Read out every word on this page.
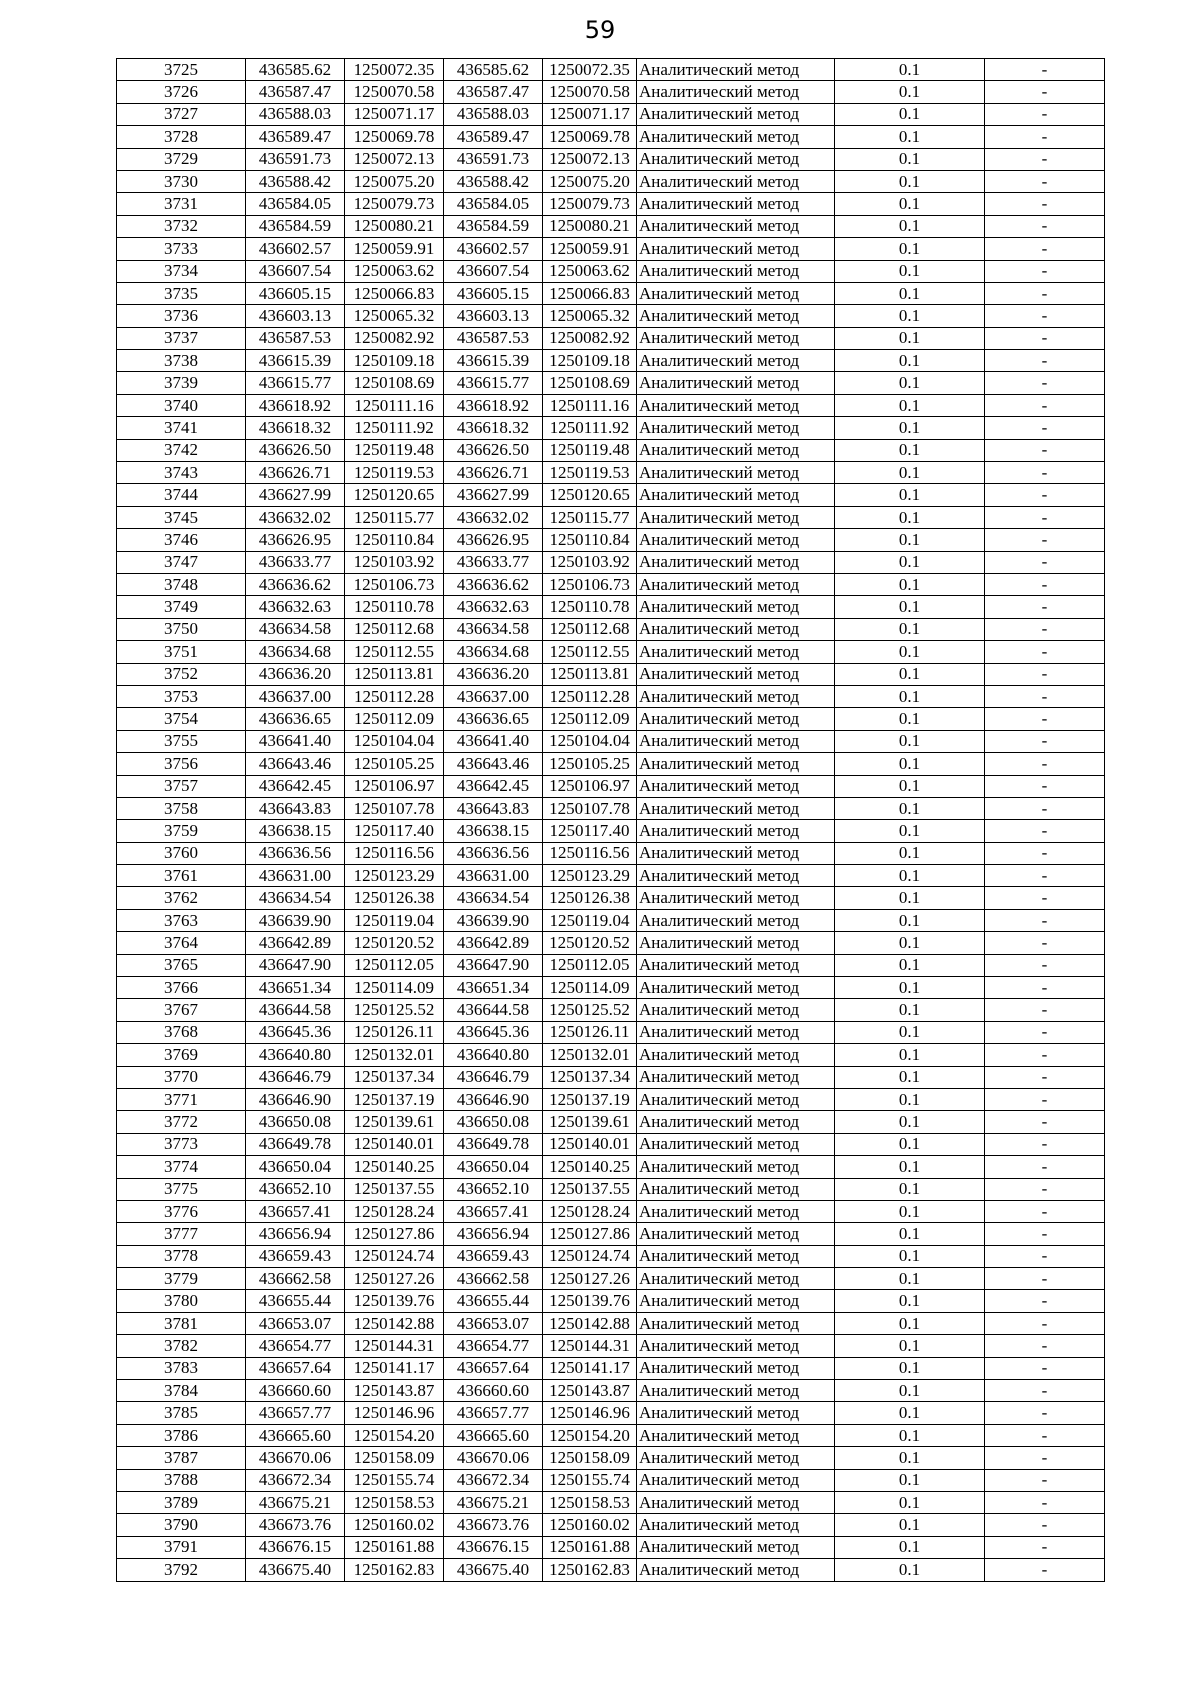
59
3725	436585.62	1250072.35	436585.62	1250072.35	Аналитический метод	0.1	-
3726	436587.47	1250070.58	436587.47	1250070.58	Аналитический метод	0.1	-
3727	436588.03	1250071.17	436588.03	1250071.17	Аналитический метод	0.1	-
3728	436589.47	1250069.78	436589.47	1250069.78	Аналитический метод	0.1	-
3729	436591.73	1250072.13	436591.73	1250072.13	Аналитический метод	0.1	-
3730	436588.42	1250075.20	436588.42	1250075.20	Аналитический метод	0.1	-
3731	436584.05	1250079.73	436584.05	1250079.73	Аналитический метод	0.1	-
3732	436584.59	1250080.21	436584.59	1250080.21	Аналитический метод	0.1	-
3733	436602.57	1250059.91	436602.57	1250059.91	Аналитический метод	0.1	-
3734	436607.54	1250063.62	436607.54	1250063.62	Аналитический метод	0.1	-
3735	436605.15	1250066.83	436605.15	1250066.83	Аналитический метод	0.1	-
3736	436603.13	1250065.32	436603.13	1250065.32	Аналитический метод	0.1	-
3737	436587.53	1250082.92	436587.53	1250082.92	Аналитический метод	0.1	-
3738	436615.39	1250109.18	436615.39	1250109.18	Аналитический метод	0.1	-
3739	436615.77	1250108.69	436615.77	1250108.69	Аналитический метод	0.1	-
3740	436618.92	1250111.16	436618.92	1250111.16	Аналитический метод	0.1	-
3741	436618.32	1250111.92	436618.32	1250111.92	Аналитический метод	0.1	-
3742	436626.50	1250119.48	436626.50	1250119.48	Аналитический метод	0.1	-
3743	436626.71	1250119.53	436626.71	1250119.53	Аналитический метод	0.1	-
3744	436627.99	1250120.65	436627.99	1250120.65	Аналитический метод	0.1	-
3745	436632.02	1250115.77	436632.02	1250115.77	Аналитический метод	0.1	-
3746	436626.95	1250110.84	436626.95	1250110.84	Аналитический метод	0.1	-
3747	436633.77	1250103.92	436633.77	1250103.92	Аналитический метод	0.1	-
3748	436636.62	1250106.73	436636.62	1250106.73	Аналитический метод	0.1	-
3749	436632.63	1250110.78	436632.63	1250110.78	Аналитический метод	0.1	-
3750	436634.58	1250112.68	436634.58	1250112.68	Аналитический метод	0.1	-
3751	436634.68	1250112.55	436634.68	1250112.55	Аналитический метод	0.1	-
3752	436636.20	1250113.81	436636.20	1250113.81	Аналитический метод	0.1	-
3753	436637.00	1250112.28	436637.00	1250112.28	Аналитический метод	0.1	-
3754	436636.65	1250112.09	436636.65	1250112.09	Аналитический метод	0.1	-
3755	436641.40	1250104.04	436641.40	1250104.04	Аналитический метод	0.1	-
3756	436643.46	1250105.25	436643.46	1250105.25	Аналитический метод	0.1	-
3757	436642.45	1250106.97	436642.45	1250106.97	Аналитический метод	0.1	-
3758	436643.83	1250107.78	436643.83	1250107.78	Аналитический метод	0.1	-
3759	436638.15	1250117.40	436638.15	1250117.40	Аналитический метод	0.1	-
3760	436636.56	1250116.56	436636.56	1250116.56	Аналитический метод	0.1	-
3761	436631.00	1250123.29	436631.00	1250123.29	Аналитический метод	0.1	-
3762	436634.54	1250126.38	436634.54	1250126.38	Аналитический метод	0.1	-
3763	436639.90	1250119.04	436639.90	1250119.04	Аналитический метод	0.1	-
3764	436642.89	1250120.52	436642.89	1250120.52	Аналитический метод	0.1	-
3765	436647.90	1250112.05	436647.90	1250112.05	Аналитический метод	0.1	-
3766	436651.34	1250114.09	436651.34	1250114.09	Аналитический метод	0.1	-
3767	436644.58	1250125.52	436644.58	1250125.52	Аналитический метод	0.1	-
3768	436645.36	1250126.11	436645.36	1250126.11	Аналитический метод	0.1	-
3769	436640.80	1250132.01	436640.80	1250132.01	Аналитический метод	0.1	-
3770	436646.79	1250137.34	436646.79	1250137.34	Аналитический метод	0.1	-
3771	436646.90	1250137.19	436646.90	1250137.19	Аналитический метод	0.1	-
3772	436650.08	1250139.61	436650.08	1250139.61	Аналитический метод	0.1	-
3773	436649.78	1250140.01	436649.78	1250140.01	Аналитический метод	0.1	-
3774	436650.04	1250140.25	436650.04	1250140.25	Аналитический метод	0.1	-
3775	436652.10	1250137.55	436652.10	1250137.55	Аналитический метод	0.1	-
3776	436657.41	1250128.24	436657.41	1250128.24	Аналитический метод	0.1	-
3777	436656.94	1250127.86	436656.94	1250127.86	Аналитический метод	0.1	-
3778	436659.43	1250124.74	436659.43	1250124.74	Аналитический метод	0.1	-
3779	436662.58	1250127.26	436662.58	1250127.26	Аналитический метод	0.1	-
3780	436655.44	1250139.76	436655.44	1250139.76	Аналитический метод	0.1	-
3781	436653.07	1250142.88	436653.07	1250142.88	Аналитический метод	0.1	-
3782	436654.77	1250144.31	436654.77	1250144.31	Аналитический метод	0.1	-
3783	436657.64	1250141.17	436657.64	1250141.17	Аналитический метод	0.1	-
3784	436660.60	1250143.87	436660.60	1250143.87	Аналитический метод	0.1	-
3785	436657.77	1250146.96	436657.77	1250146.96	Аналитический метод	0.1	-
3786	436665.60	1250154.20	436665.60	1250154.20	Аналитический метод	0.1	-
3787	436670.06	1250158.09	436670.06	1250158.09	Аналитический метод	0.1	-
3788	436672.34	1250155.74	436672.34	1250155.74	Аналитический метод	0.1	-
3789	436675.21	1250158.53	436675.21	1250158.53	Аналитический метод	0.1	-
3790	436673.76	1250160.02	436673.76	1250160.02	Аналитический метод	0.1	-
3791	436676.15	1250161.88	436676.15	1250161.88	Аналитический метод	0.1	-
3792	436675.40	1250162.83	436675.40	1250162.83	Аналитический метод	0.1	-
